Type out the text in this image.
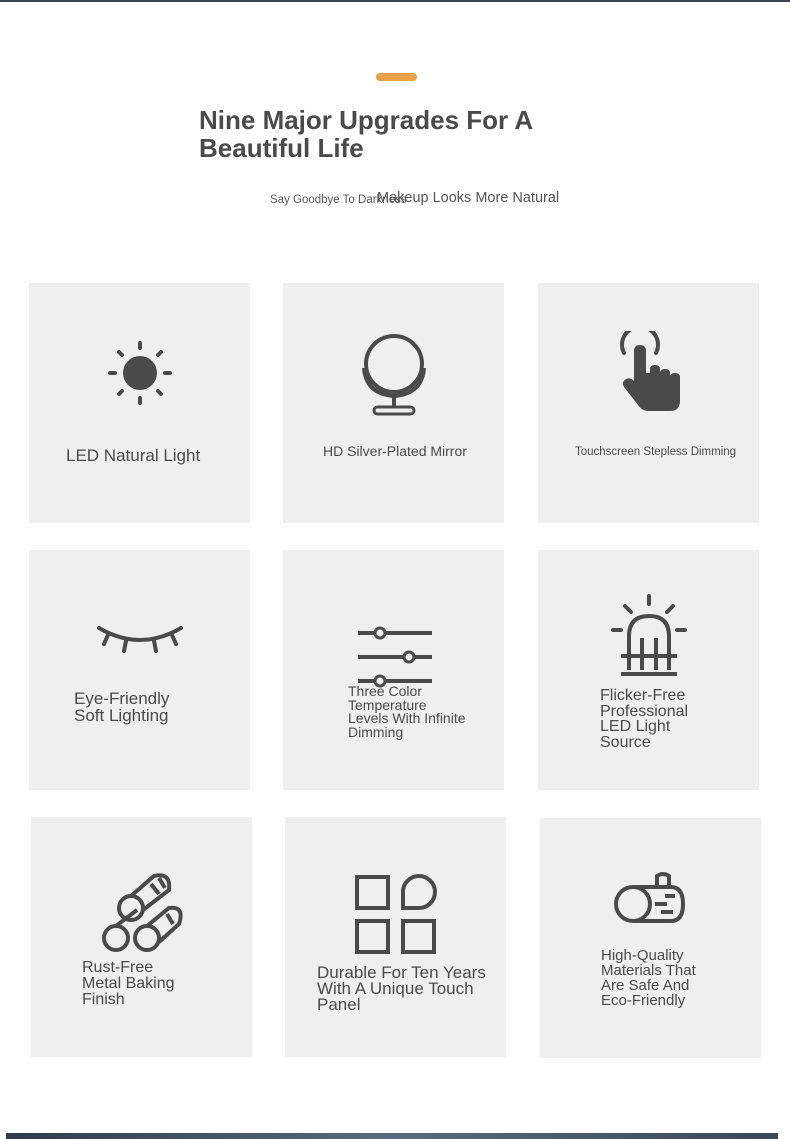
Nine Major Upgrades For A Beautiful Life
Say Goodbye To Darkness
Makeup Looks More Natural
LED Natural Light	HD Silver-Plated Mirror	Touchscreen Stepless Dimming
Eye-Friendly Soft Lighting
Three Color Temperature Levels With Infinite Dimming
Flicker-Free Professional LED Light Source
Rust-Free Metal Baking Finish
Durable For Ten Years With A Unique Touch Panel
High-Quality Materials That Are Safe And Eco-Friendly
